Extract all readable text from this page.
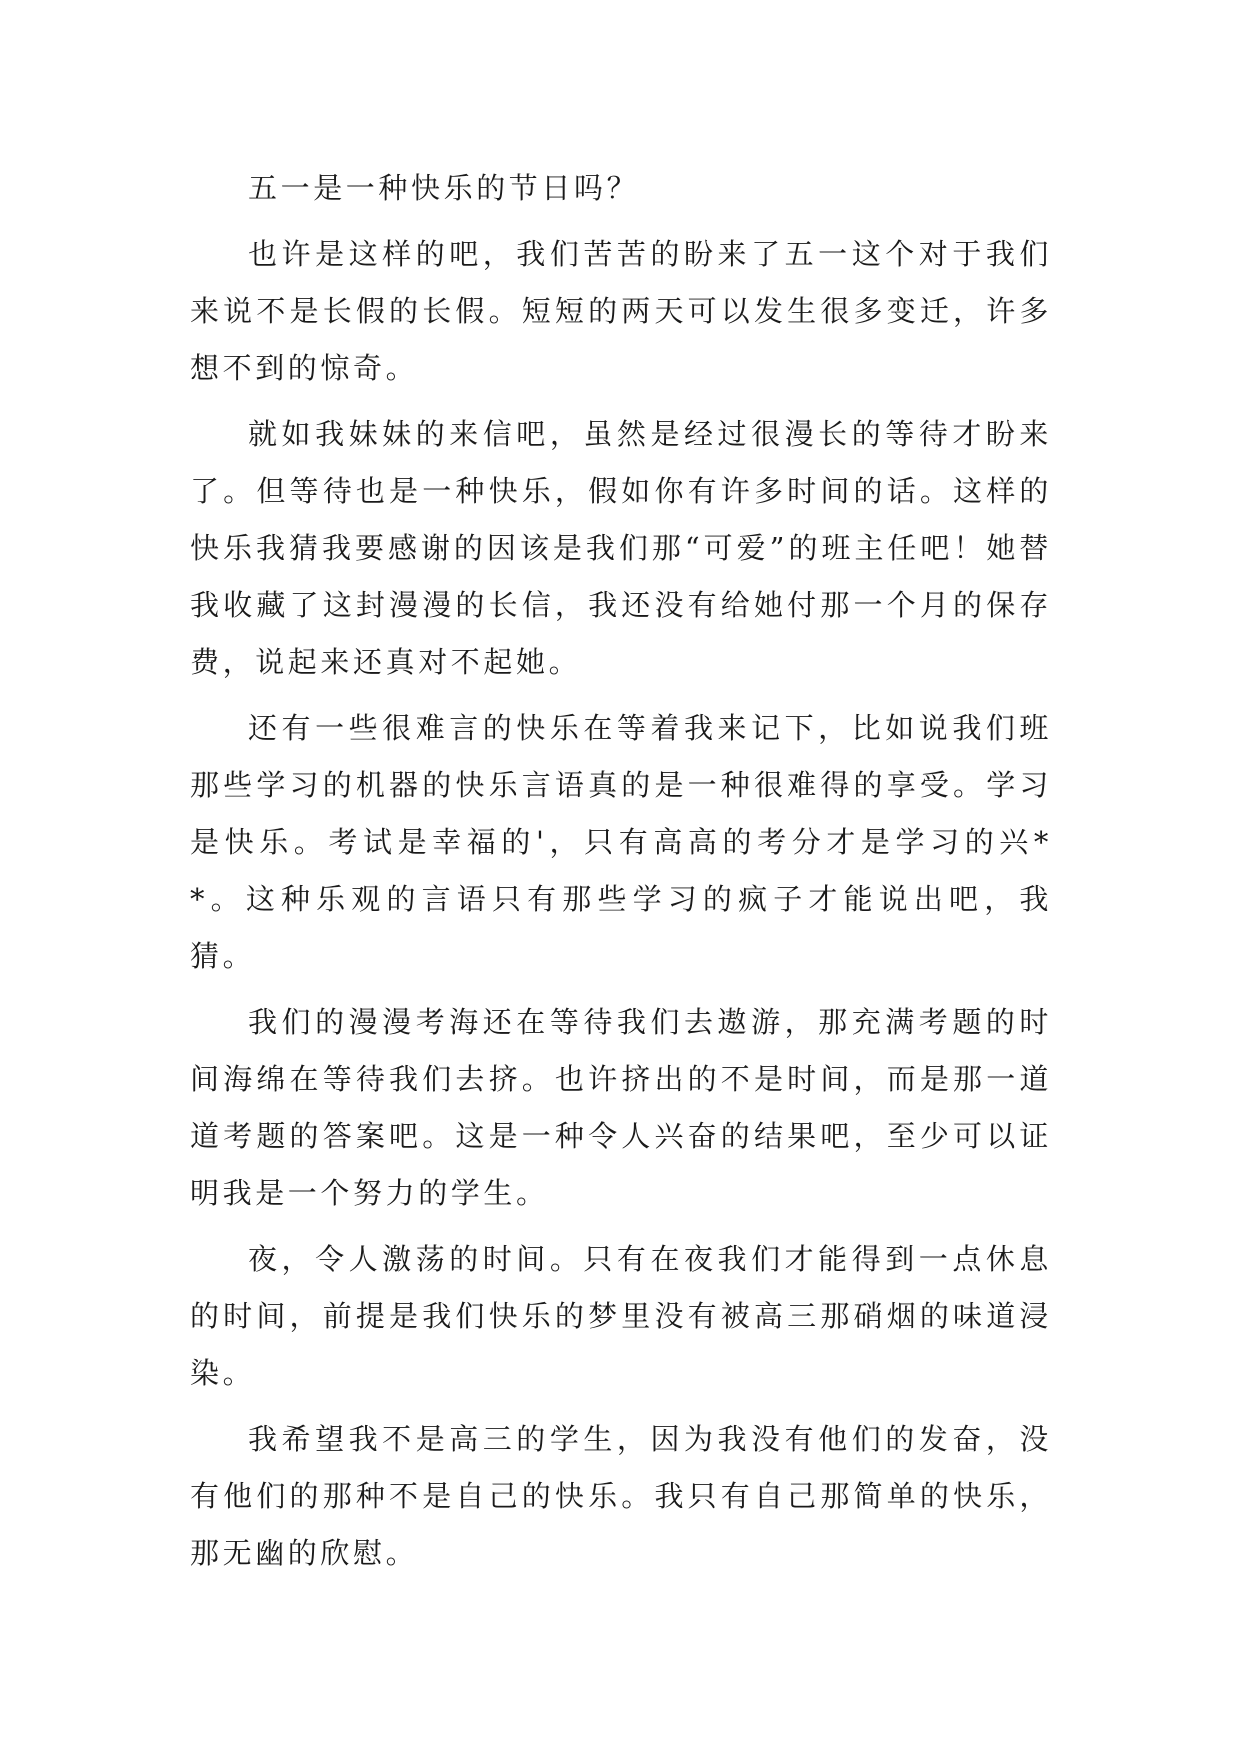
五一是一种快乐的节日吗？

也许是这样的吧，我们苦苦的盼来了五一这个对于我们来说不是长假的长假。短短的两天可以发生很多变迁，许多想不到的惊奇。

就如我妹妹的来信吧，虽然是经过很漫长的等待才盼来了。但等待也是一种快乐，假如你有许多时间的话。这样的快乐我猜我要感谢的因该是我们那“可爱”的班主任吧！她替我收藏了这封漫漫的长信，我还没有给她付那一个月的保存费，说起来还真对不起她。

还有一些很难言的快乐在等着我来记下，比如说我们班那些学习的机器的快乐言语真的是一种很难得的享受。学习是快乐。考试是幸福的'，只有高高的考分才是学习的兴**。这种乐观的言语只有那些学习的疯子才能说出吧，我猜。

我们的漫漫考海还在等待我们去遨游，那充满考题的时间海绵在等待我们去挤。也许挤出的不是时间，而是那一道道考题的答案吧。这是一种令人兴奋的结果吧，至少可以证明我是一个努力的学生。

夜，令人激荡的时间。只有在夜我们才能得到一点休息的时间，前提是我们快乐的梦里没有被高三那硝烟的味道浸染。

我希望我不是高三的学生，因为我没有他们的发奋，没有他们的那种不是自己的快乐。我只有自己那简单的快乐，那无幽的欣慰。
